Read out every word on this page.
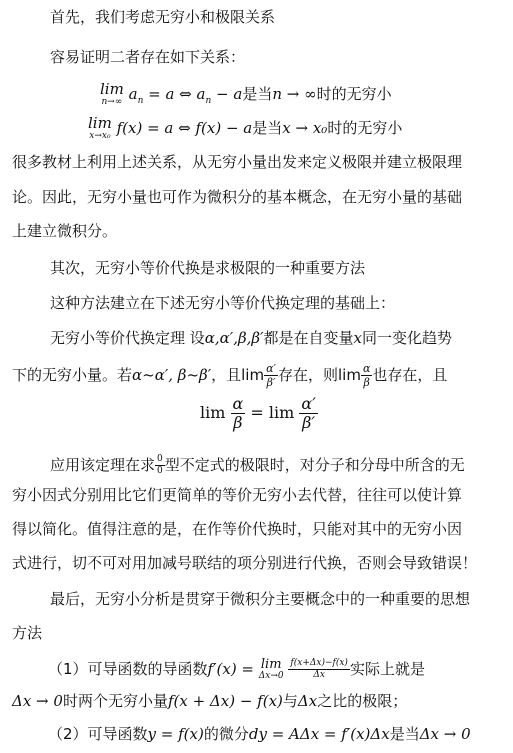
首先，我们考虑无穷小和极限关系
容易证明二者存在如下关系：
lim
n→∞ $a_n = a$ ⇔ $a_n - a$是当n → ∞时的无穷小
lim
x→x₀ f(x) = a ⇔ f(x) − a是当x → x₀时的无穷小
很多教材上利用上述关系，从无穷小量出发来定义极限并建立极限理
论。因此，无穷小量也可作为微积分的基本概念，在无穷小量的基础
上建立微积分。
其次，无穷小等价代换是求极限的一种重要方法
这种方法建立在下述无穷小等价代换定理的基础上：
无穷小等价代换定理 设α,α′,β,β′都是在自变量x同一变化趋势
下的无穷小量。若α~α′, β~β′，且$\lim \frac{\alpha'}{\beta'}$ 存在，则$\lim \frac{\alpha}{\beta}$ 也存在，且
$\lim \frac{\alpha}{\beta} = \lim \frac{\alpha'}{\beta'}$
应用该定理在求 $\frac{0}{0}$ 型不定式的极限时，对分子和分母中所含的无
穷小因式分别用比它们更简单的等价无穷小去代替，往往可以使计算
得以简化。值得注意的是，在作等价代换时，只能对其中的无穷小因
式进行，切不可对用加减号联结的项分别进行代换，否则会导致错误！
最后，无穷小分析是贯穿于微积分主要概念中的一种重要的思想
方法
（1）可导函数的导函数f′(x) = lim
Δx→0
$\frac{f(x+\Delta x)-f(x)}{\Delta x}$ 实际上就是
Δx → 0时两个无穷小量f(x + Δx) − f(x)与Δx之比的极限；
（2）可导函数y = f(x)的微分dy = AΔx = f′(x)Δx是当Δx → 0
